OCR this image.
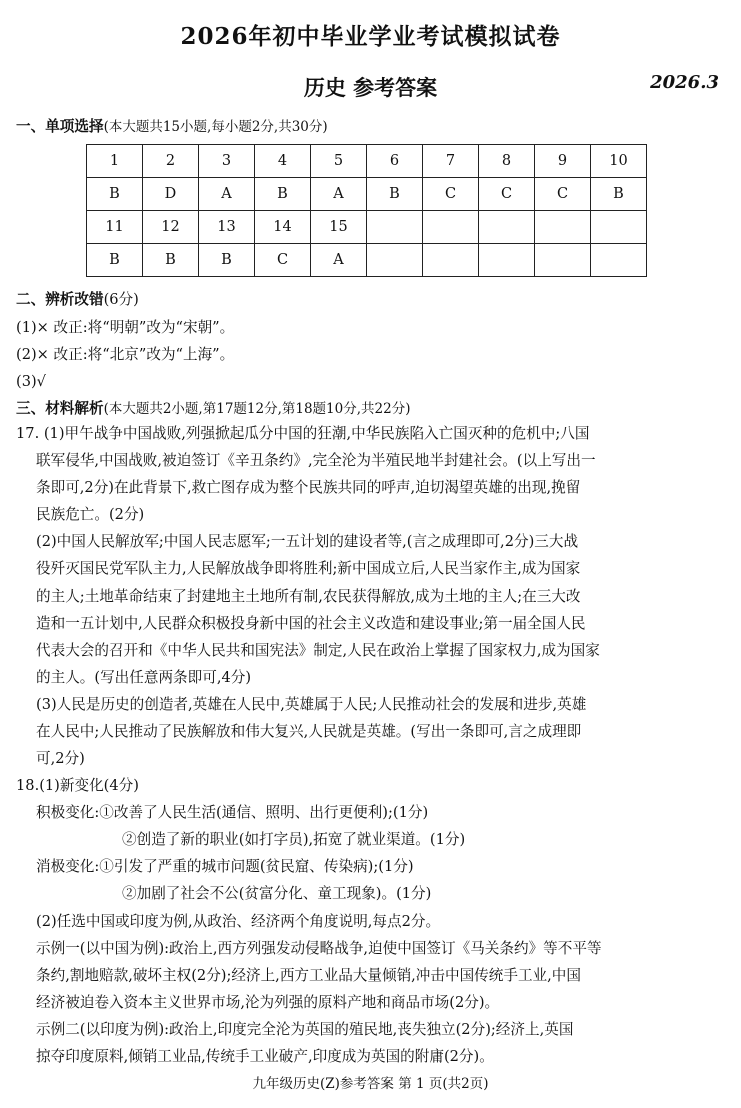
2026年初中毕业学业考试模拟试卷
历史 参考答案	2026.3
一、单项选择(本大题共15小题,每小题2分,共30分)
1	2	3	4	5	6	7	8	9	10
B	D	A	B	A	B	C	C	C	B
11	12	13	14	15					
B	B	B	C	A					
二、辨析改错(6分)
(1)× 改正:将“明朝”改为“宋朝”。
(2)× 改正:将“北京”改为“上海”。
(3)√
三、材料解析(本大题共2小题,第17题12分,第18题10分,共22分)
17. (1)甲午战争中国战败,列强掀起瓜分中国的狂潮,中华民族陷入亡国灭种的危机中;八国
联军侵华,中国战败,被迫签订《辛丑条约》,完全沦为半殖民地半封建社会。(以上写出一
条即可,2分)在此背景下,救亡图存成为整个民族共同的呼声,迫切渴望英雄的出现,挽留
民族危亡。(2分)
(2)中国人民解放军;中国人民志愿军;一五计划的建设者等,(言之成理即可,2分)三大战
役歼灭国民党军队主力,人民解放战争即将胜利;新中国成立后,人民当家作主,成为国家
的主人;土地革命结束了封建地主土地所有制,农民获得解放,成为土地的主人;在三大改
造和一五计划中,人民群众积极投身新中国的社会主义改造和建设事业;第一届全国人民
代表大会的召开和《中华人民共和国宪法》制定,人民在政治上掌握了国家权力,成为国家
的主人。(写出任意两条即可,4分)
(3)人民是历史的创造者,英雄在人民中,英雄属于人民;人民推动社会的发展和进步,英雄
在人民中;人民推动了民族解放和伟大复兴,人民就是英雄。(写出一条即可,言之成理即
可,2分)
18.(1)新变化(4分)
积极变化:①改善了人民生活(通信、照明、出行更便利);(1分)
②创造了新的职业(如打字员),拓宽了就业渠道。(1分)
消极变化:①引发了严重的城市问题(贫民窟、传染病);(1分)
②加剧了社会不公(贫富分化、童工现象)。(1分)
(2)任选中国或印度为例,从政治、经济两个角度说明,每点2分。
示例一(以中国为例):政治上,西方列强发动侵略战争,迫使中国签订《马关条约》等不平等
条约,割地赔款,破坏主权(2分);经济上,西方工业品大量倾销,冲击中国传统手工业,中国
经济被迫卷入资本主义世界市场,沦为列强的原料产地和商品市场(2分)。
示例二(以印度为例):政治上,印度完全沦为英国的殖民地,丧失独立(2分);经济上,英国
九年级历史(Z)参考答案 第 1 页(共2页)
掠夺印度原料,倾销工业品,传统手工业破产,印度成为英国的附庸(2分)。
